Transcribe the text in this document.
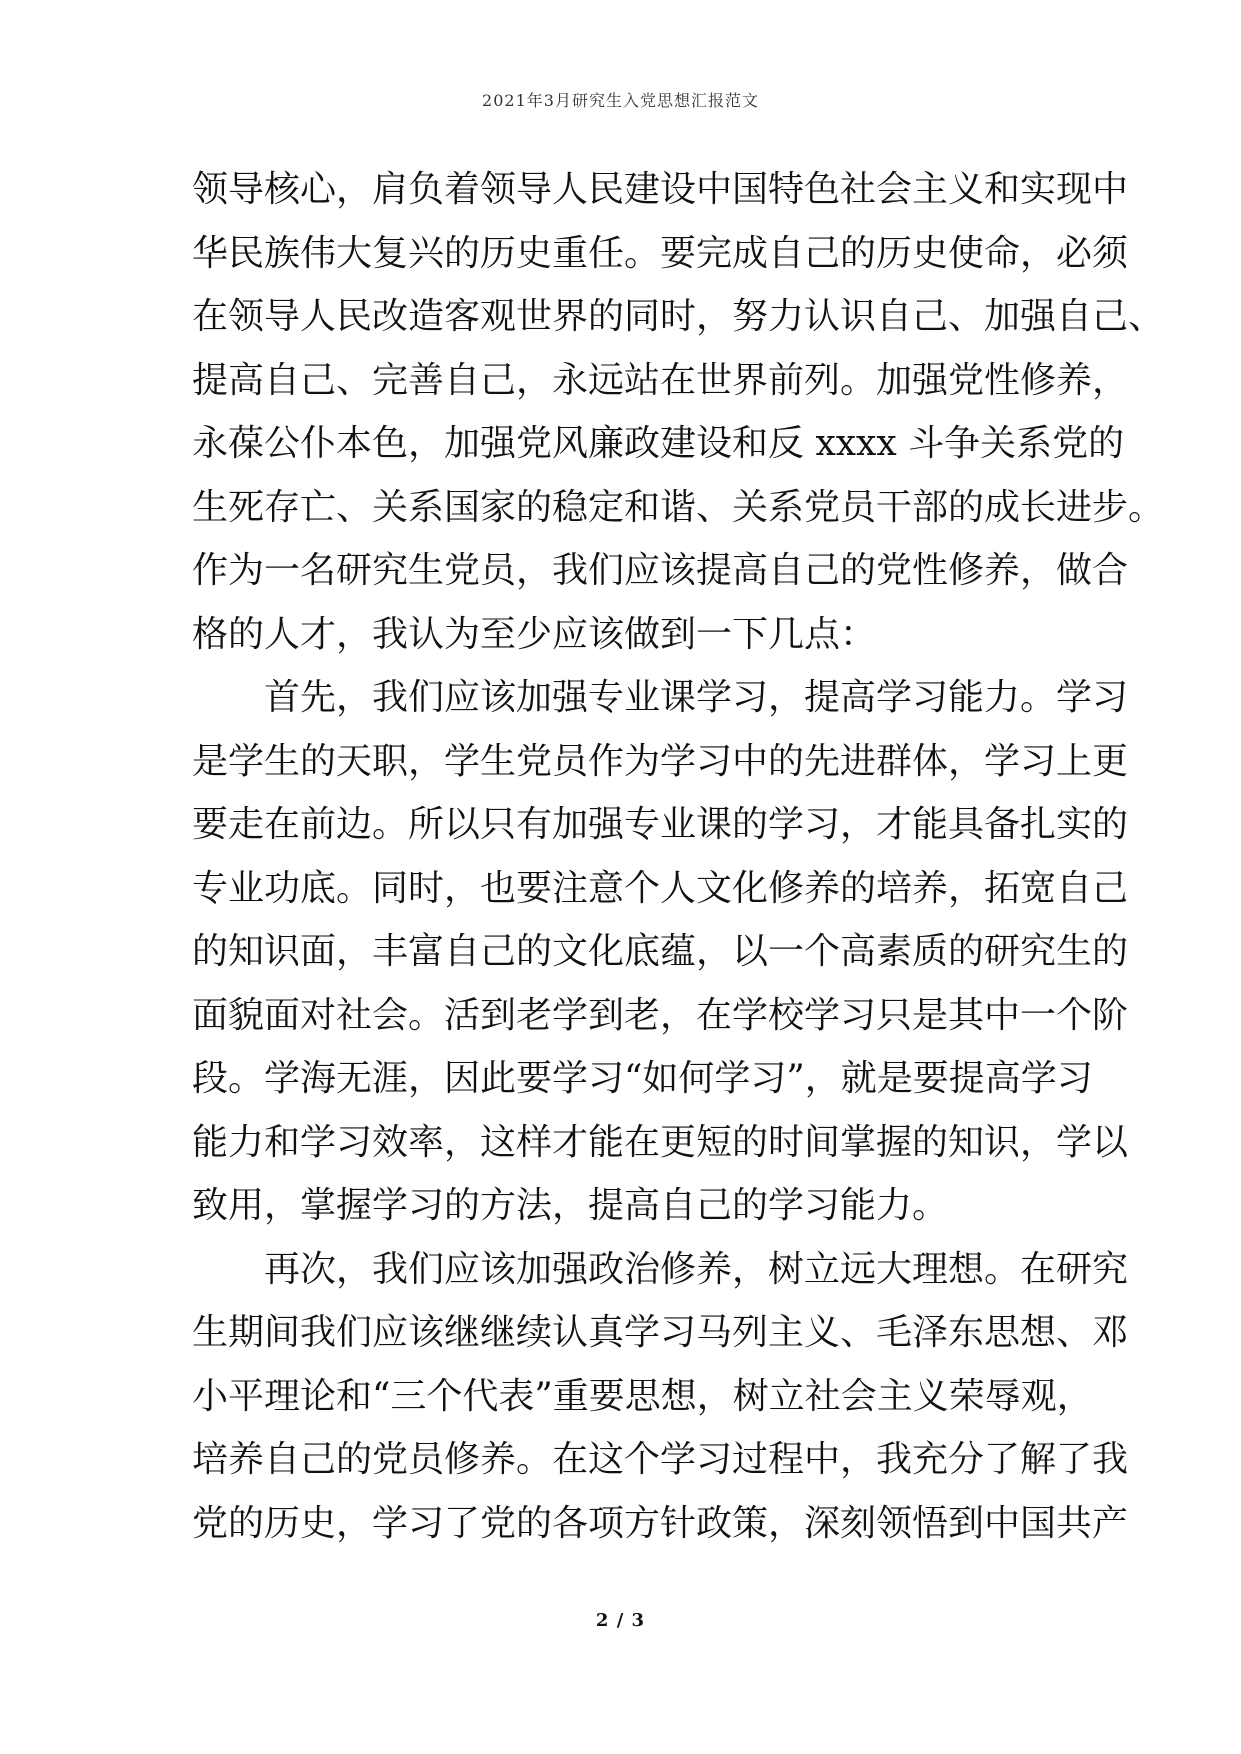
2021年3月研究生入党思想汇报范文
领导核心，肩负着领导人民建设中国特色社会主义和实现中
华民族伟大复兴的历史重任。要完成自己的历史使命，必须
在领导人民改造客观世界的同时，努力认识自己、加强自己、
提高自己、完善自己，永远站在世界前列。加强党性修养，
永葆公仆本色，加强党风廉政建设和反 xxxx 斗争关系党的
生死存亡、关系国家的稳定和谐、关系党员干部的成长进步。
作为一名研究生党员，我们应该提高自己的党性修养，做合
格的人才，我认为至少应该做到一下几点：
首先，我们应该加强专业课学习，提高学习能力。学习
是学生的天职，学生党员作为学习中的先进群体，学习上更
要走在前边。所以只有加强专业课的学习，才能具备扎实的
专业功底。同时，也要注意个人文化修养的培养，拓宽自己
的知识面，丰富自己的文化底蕴，以一个高素质的研究生的
面貌面对社会。活到老学到老，在学校学习只是其中一个阶
段。学海无涯，因此要学习“如何学习”，就是要提高学习
能力和学习效率，这样才能在更短的时间掌握的知识，学以
致用，掌握学习的方法，提高自己的学习能力。
再次，我们应该加强政治修养，树立远大理想。在研究
生期间我们应该继继续认真学习马列主义、毛泽东思想、邓
小平理论和“三个代表”重要思想，树立社会主义荣辱观，
培养自己的党员修养。在这个学习过程中，我充分了解了我
党的历史，学习了党的各项方针政策，深刻领悟到中国共产
2 / 3
